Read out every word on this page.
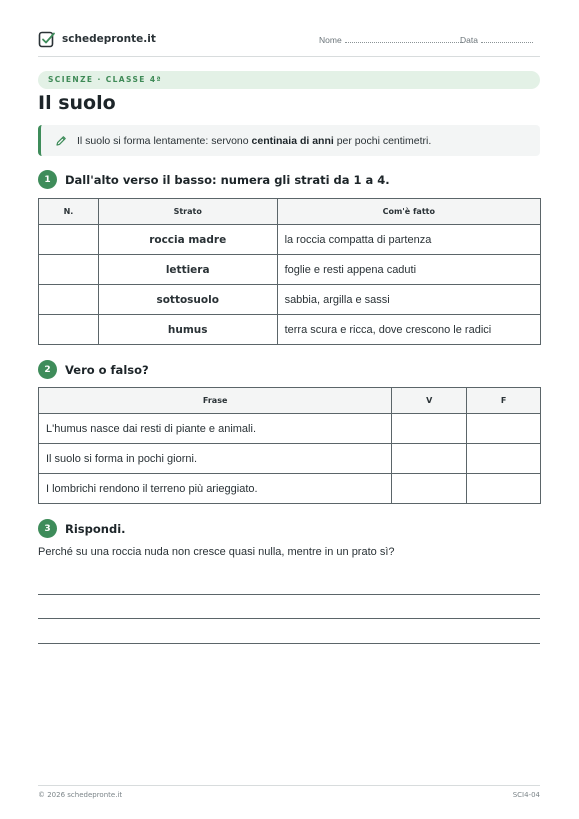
schedepronte.it	Nome	Data
SCIENZE · CLASSE 4ª
Il suolo
Il suolo si forma lentamente: servono centinaia di anni per pochi centimetri.
1	Dall'alto verso il basso: numera gli strati da 1 a 4.
N.	Strato	Com'è fatto
	roccia madre	la roccia compatta di partenza
	lettiera	foglie e resti appena caduti
	sottosuolo	sabbia, argilla e sassi
	humus	terra scura e ricca, dove crescono le radici
2	Vero o falso?
Frase	V	F
L'humus nasce dai resti di piante e animali.		
Il suolo si forma in pochi giorni.		
I lombrichi rendono il terreno più arieggiato.		
3	Rispondi.
Perché su una roccia nuda non cresce quasi nulla, mentre in un prato sì?
© 2026 schedepronte.it	SCI4-04
